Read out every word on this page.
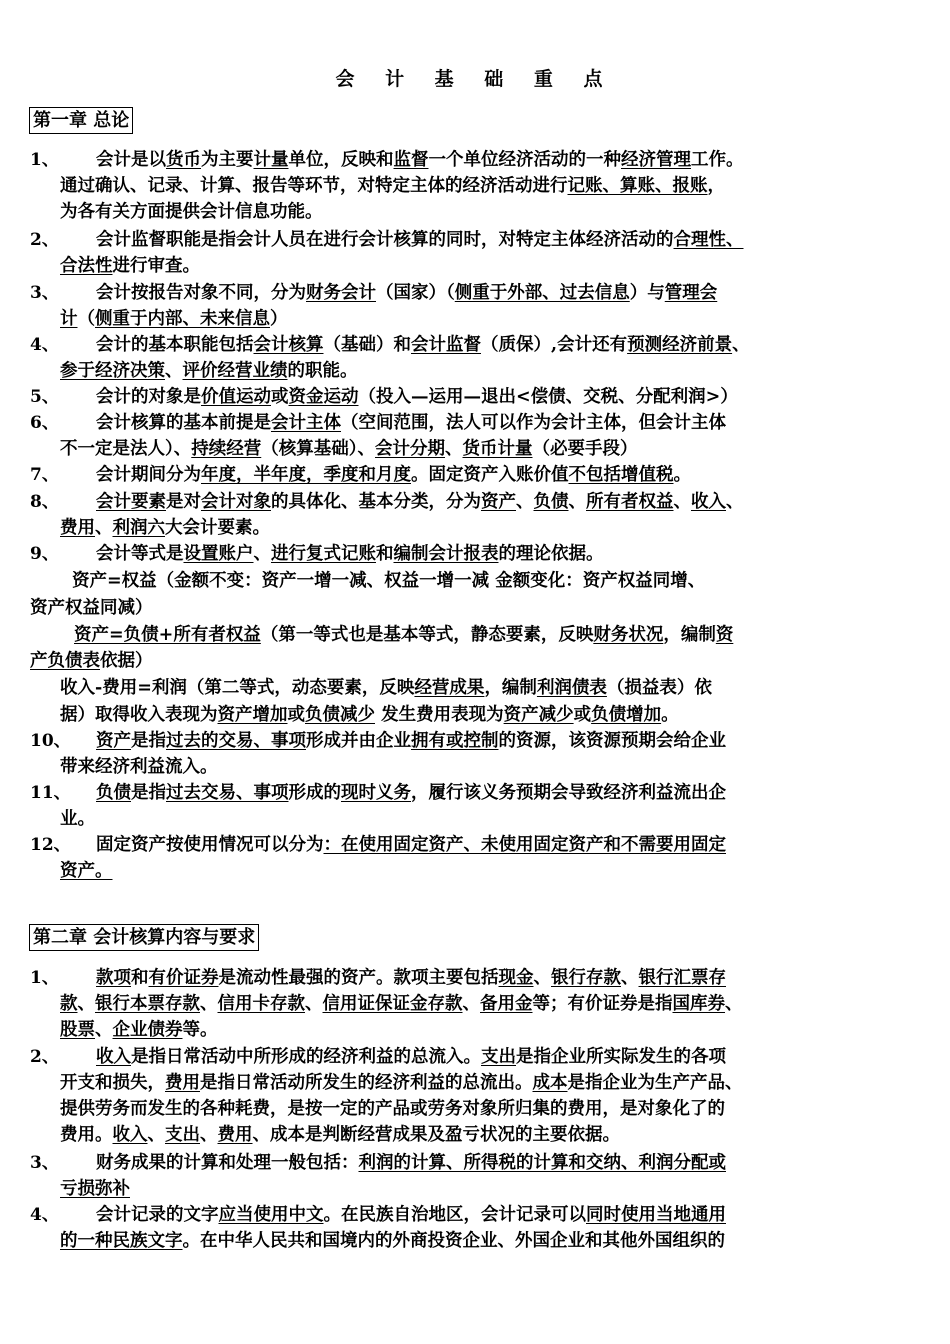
会 计 基 础 重 点
第一章 总论
1、
2、
3、
4、
5、
6、
7、
8、
9、
10、
11、
12、
第二章 会计核算内容与要求
1、
2、
3、
4、
会计是以货币为主要计量单位，反映和监督一个单位经济活动的一种经济管理工作。
通过确认、记录、计算、报告等环节，对特定主体的经济活动进行记账、算账、报账，
为各有关方面提供会计信息功能。
会计监督职能是指会计人员在进行会计核算的同时，对特定主体经济活动的合理性、
合法性进行审查。
会计按报告对象不同，分为财务会计（国家）（侧重于外部、过去信息）与管理会
计（侧重于内部、未来信息）
会计的基本职能包括会计核算（基础）和会计监督（质保）,会计还有预测经济前景、
参于经济决策、评价经营业绩的职能。
会计的对象是价值运动或资金运动（投入—运用—退出<偿债、交税、分配利润>）
会计核算的基本前提是会计主体（空间范围，法人可以作为会计主体，但会计主体
不一定是法人）、持续经营（核算基础）、会计分期、货币计量（必要手段）
会计期间分为年度，半年度，季度和月度。固定资产入账价值不包括增值税。
会计要素是对会计对象的具体化、基本分类，分为资产、负债、所有者权益、收入、
费用、利润六大会计要素。
会计等式是设置账户、进行复式记账和编制会计报表的理论依据。
资产=权益（金额不变：资产一增一减、权益一增一减 金额变化：资产权益同增、
资产权益同减）
资产=负债+所有者权益（第一等式也是基本等式，静态要素，反映财务状况，编制资
产负债表依据）
收入-费用=利润（第二等式，动态要素，反映经营成果，编制利润债表（损益表）依
据）取得收入表现为资产增加或负债减少 发生费用表现为资产减少或负债增加。
资产是指过去的交易、事项形成并由企业拥有或控制的资源，该资源预期会给企业
带来经济利益流入。
负债是指过去交易、事项形成的现时义务，履行该义务预期会导致经济利益流出企
业。
固定资产按使用情况可以分为：在使用固定资产、未使用固定资产和不需要用固定
资产。
款项和有价证券是流动性最强的资产。款项主要包括现金、银行存款、银行汇票存
款、银行本票存款、信用卡存款、信用证保证金存款、备用金等；有价证券是指国库券、
股票、企业债券等。
收入是指日常活动中所形成的经济利益的总流入。支出是指企业所实际发生的各项
开支和损失，费用是指日常活动所发生的经济利益的总流出。成本是指企业为生产产品、
提供劳务而发生的各种耗费，是按一定的产品或劳务对象所归集的费用，是对象化了的
费用。收入、支出、费用、成本是判断经营成果及盈亏状况的主要依据。
财务成果的计算和处理一般包括：利润的计算、所得税的计算和交纳、利润分配或
亏损弥补
会计记录的文字应当使用中文。在民族自治地区，会计记录可以同时使用当地通用
的一种民族文字。在中华人民共和国境内的外商投资企业、外国企业和其他外国组织的
